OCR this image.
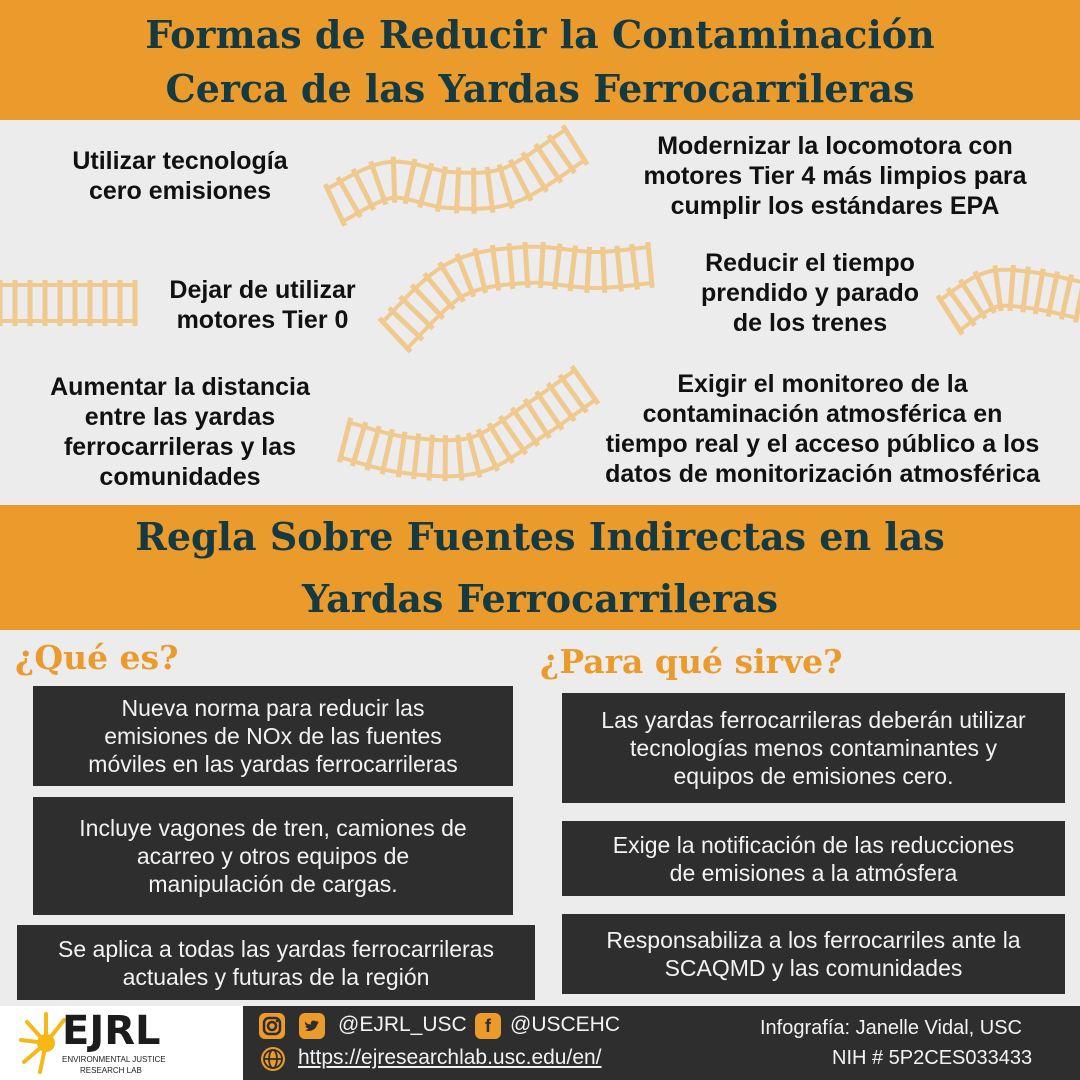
Formas de Reducir la Contaminación
Cerca de las Yardas Ferrocarrileras
Utilizar tecnología
cero emisiones
Modernizar la locomotora con
motores Tier 4 más limpios para
cumplir los estándares EPA
Dejar de utilizar
motores Tier 0
Reducir el tiempo
prendido y parado
de los trenes
Aumentar la distancia
entre las yardas
ferrocarrileras y las
comunidades
Exigir el monitoreo de la
contaminación atmosférica en
tiempo real y el acceso público a los
datos de monitorización atmosférica
Regla Sobre Fuentes Indirectas en las
Yardas Ferrocarrileras
¿Qué es?	¿Para qué sirve?
Nueva norma para reducir las
emisiones de NOx de las fuentes
móviles en las yardas ferrocarrileras
Incluye vagones de tren, camiones de
acarreo y otros equipos de
manipulación de cargas.
Se aplica a todas las yardas ferrocarrileras
actuales y futuras de la región
Las yardas ferrocarrileras deberán utilizar
tecnologías menos contaminantes y
equipos de emisiones cero.
Exige la notificación de las reducciones
de emisiones a la atmósfera
Responsabiliza a los ferrocarriles ante la
SCAQMD y las comunidades
EJRL
ENVIRONMENTAL JUSTICE
RESEARCH LAB
@EJRL_USC	f @USCEHC
https://ejresearchlab.usc.edu/en/
Infografía: Janelle Vidal, USC
NIH # 5P2CES033433
